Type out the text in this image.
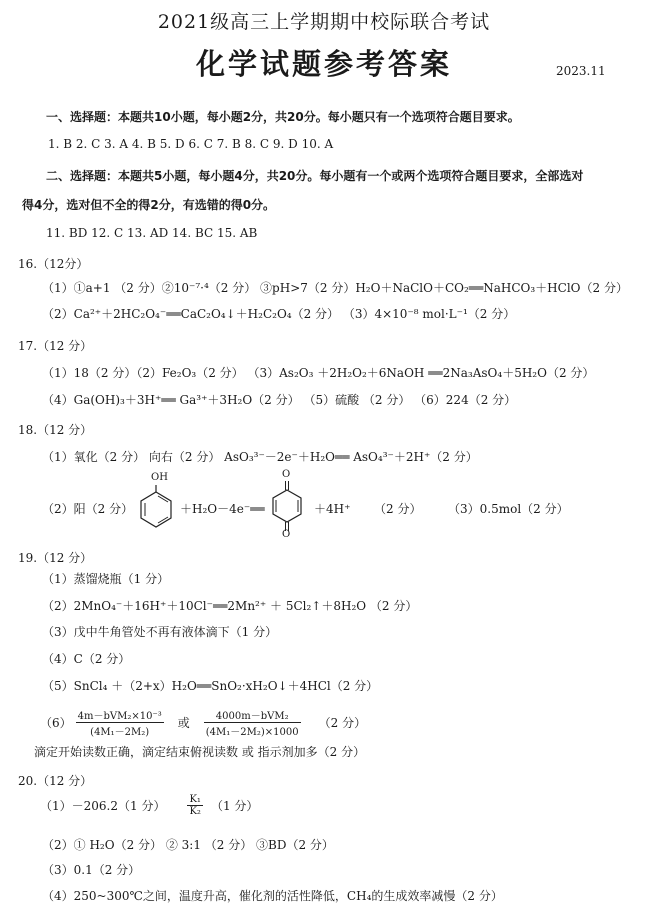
2021级高三上学期期中校际联合考试
化学试题参考答案	2023.11
一、选择题：本题共10小题，每小题2分，共20分。每小题只有一个选项符合题目要求。
1. B 2. C 3. A 4. B 5. D 6. C 7. B 8. C 9. D 10. A
二、选择题：本题共5小题，每小题4分，共20分。每小题有一个或两个选项符合题目要求，全部选对
得4分，选对但不全的得2分，有选错的得0分。
11. BD 12. C 13. AD 14. BC 15. AB
16.（12分）
（1）①a+1 （2 分）②10⁻⁷·⁴（2 分） ③pH>7（2 分）H₂O＋NaClO＋CO₂══NaHCO₃＋HClO（2 分）
（2）Ca²⁺＋2HC₂O₄⁻══CaC₂O₄↓＋H₂C₂O₄（2 分） （3）4×10⁻⁸ mol·L⁻¹（2 分）
17.（12 分）
（1）18（2 分）（2）Fe₂O₃（2 分） （3）As₂O₃ ＋2H₂O₂＋6NaOH ══2Na₃AsO₄＋5H₂O（2 分）
（4）Ga(OH)₃＋3H⁺══ Ga³⁺＋3H₂O（2 分） （5）硫酸 （2 分） （6）224（2 分）
18.（12 分）
（1）氧化（2 分） 向右（2 分） AsO₃³⁻－2e⁻＋H₂O══ AsO₄³⁻＋2H⁺（2 分）
（2）阳（2 分）
OH
＋H₂O－4e⁻══
O
O
＋4H⁺ （2 分） （3）0.5mol（2 分）
19.（12 分）
（1）蒸馏烧瓶（1 分）
（2）2MnO₄⁻＋16H⁺＋10Cl⁻══2Mn²⁺ ＋ 5Cl₂↑＋8H₂O （2 分）
（3）戊中牛角管处不再有液体滴下（1 分）
（4）C（2 分）
（5）SnCl₄ ＋（2+x）H₂O══SnO₂·xH₂O↓＋4HCl（2 分）
$(6) \frac{\text{4m－bVM₂×10⁻³}}{\text{(4M₁－2M₂)}}$ 或 $\frac{\text{4000m－bVM₂}}{\text{(4M₁－2M₂)×1000}} (2$ 分）
滴定开始读数正确，滴定结束俯视读数 或 指示剂加多（2 分）
20.（12 分）
（1）－206.2（1 分） $\frac{\text{K₁}}{\text{K₂}} (1$ 分）
（2）① H₂O（2 分） ② 3:1 （2 分） ③BD（2 分）
（3）0.1（2 分）
（4）250~300℃之间，温度升高，催化剂的活性降低，CH₄的生成效率减慢（2 分）
